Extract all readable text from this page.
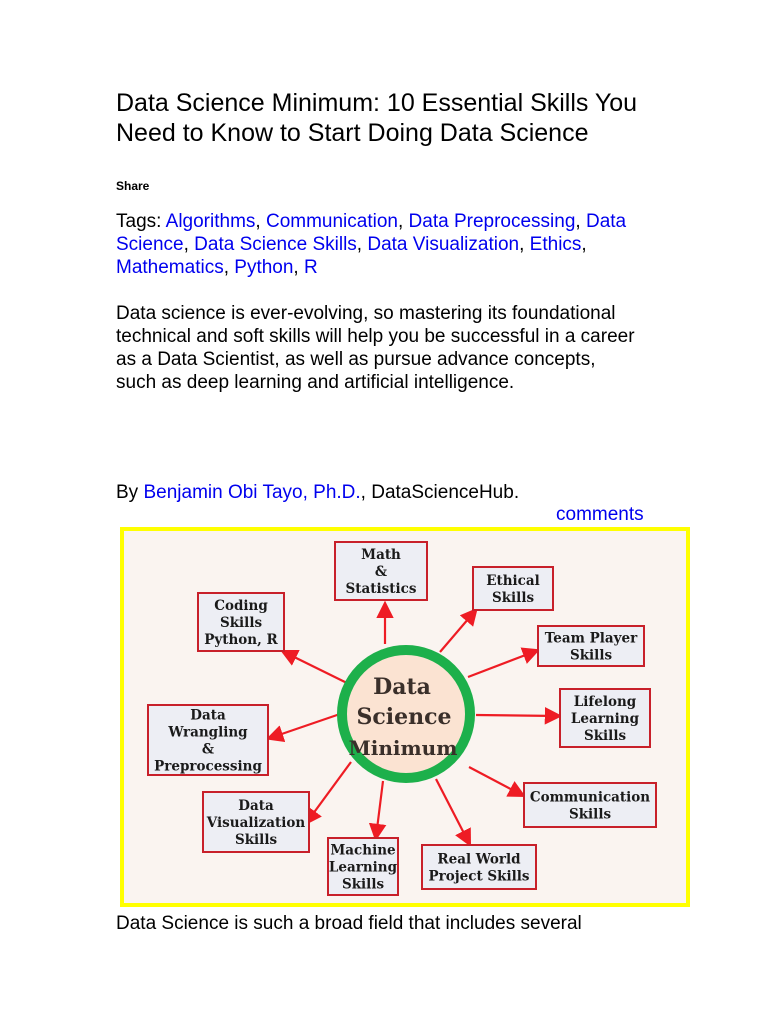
Data Science Minimum: 10 Essential Skills You Need to Know to Start Doing Data Science
Share
Tags: Algorithms, Communication, Data Preprocessing, Data Science, Data Science Skills, Data Visualization, Ethics, Mathematics, Python, R

Data science is ever-evolving, so mastering its foundational technical and soft skills will help you be successful in a career as a Data Scientist, as well as pursue advance concepts, such as deep learning and artificial intelligence.

By Benjamin Obi Tayo, Ph.D., DataScienceHub.
comments
Data
Science
Minimum
Math
&
Statistics	Ethical
Skills
Team Player
Skills
Lifelong
Learning
Skills
Communication
Skills
Real World
Project Skills
Machine
Learning
Skills
Data
Visualization
Skills
Data
Wrangling
&
Preprocessing
Coding
Skills
Python, R

Data Science is such a broad field that includes several
